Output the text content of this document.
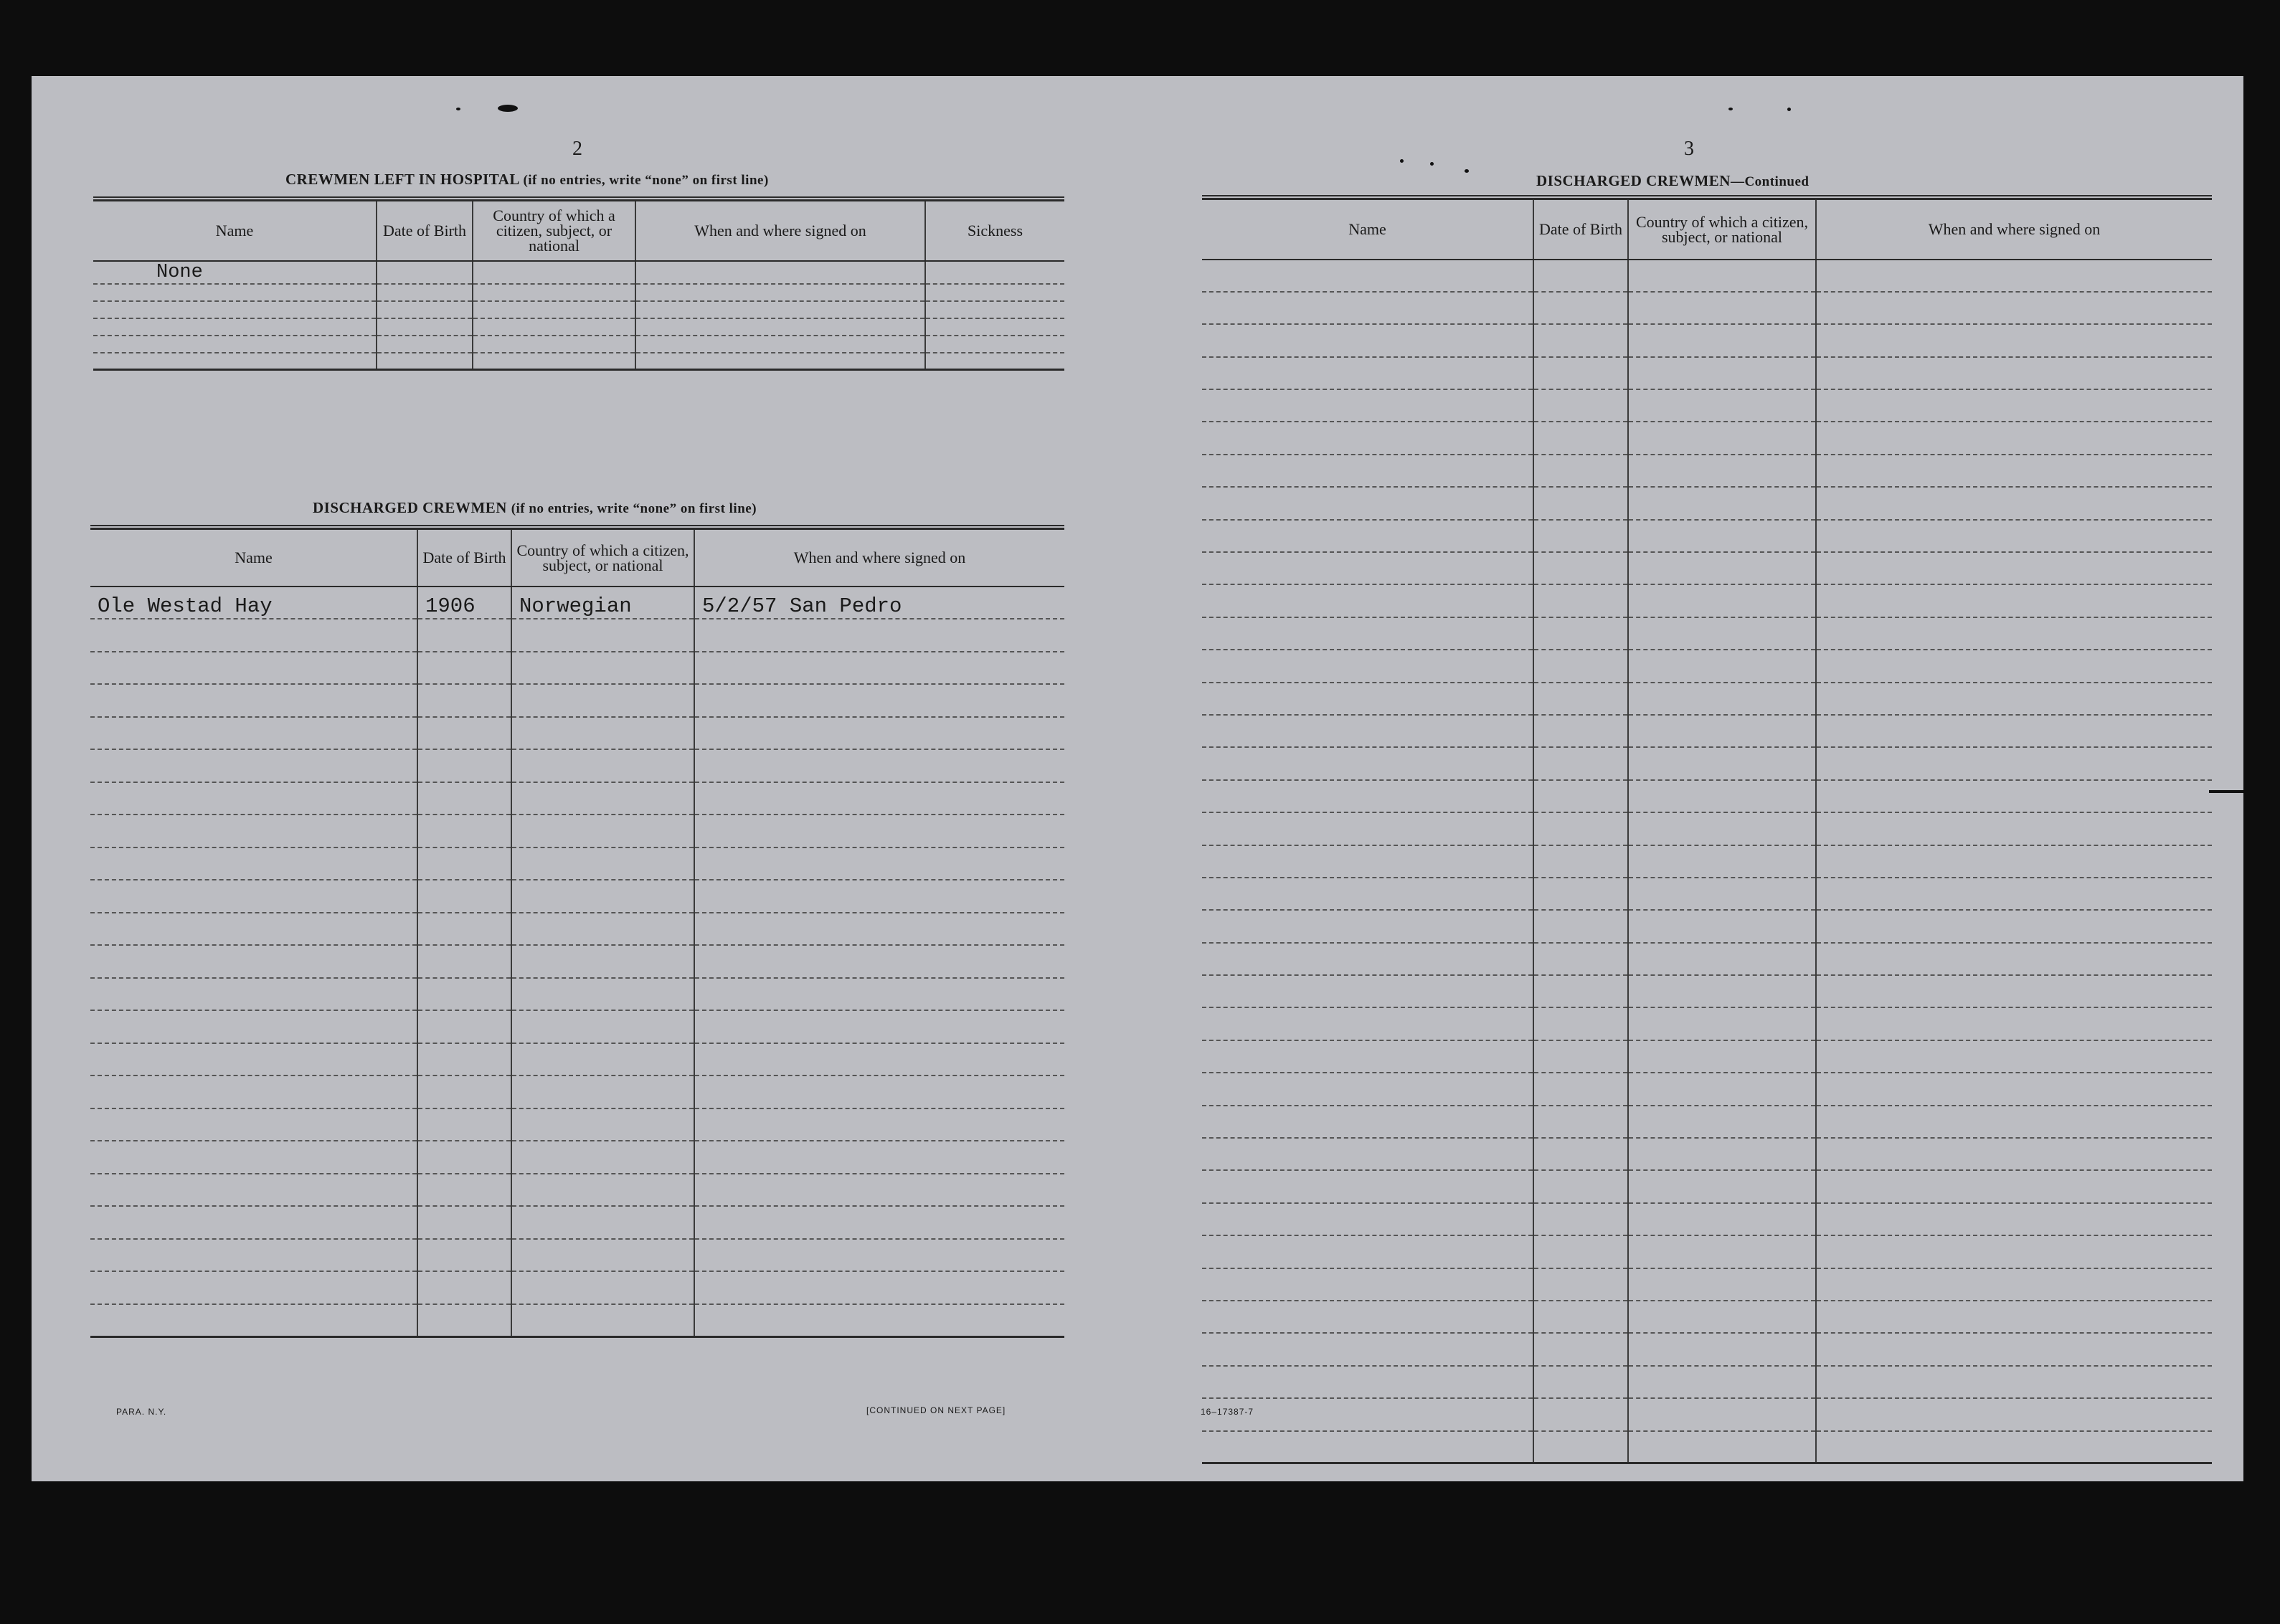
2
CREWMEN LEFT IN HOSPITAL (if no entries, write “none” on first line)
Name	Date of Birth	Country of which a citizen, subject, or national	When and where signed on	Sickness
None				

DISCHARGED CREWMEN (if no entries, write “none” on first line)
Name	Date of Birth	Country of which a citizen, subject, or national	When and where signed on
Ole Westad Hay	1906	Norwegian	5/2/57 San Pedro

PARA. N.Y.	[CONTINUED ON NEXT PAGE]
3
DISCHARGED CREWMEN—Continued
Name	Date of Birth	Country of which a citizen, subject, or national	When and where signed on

16–17387-7
